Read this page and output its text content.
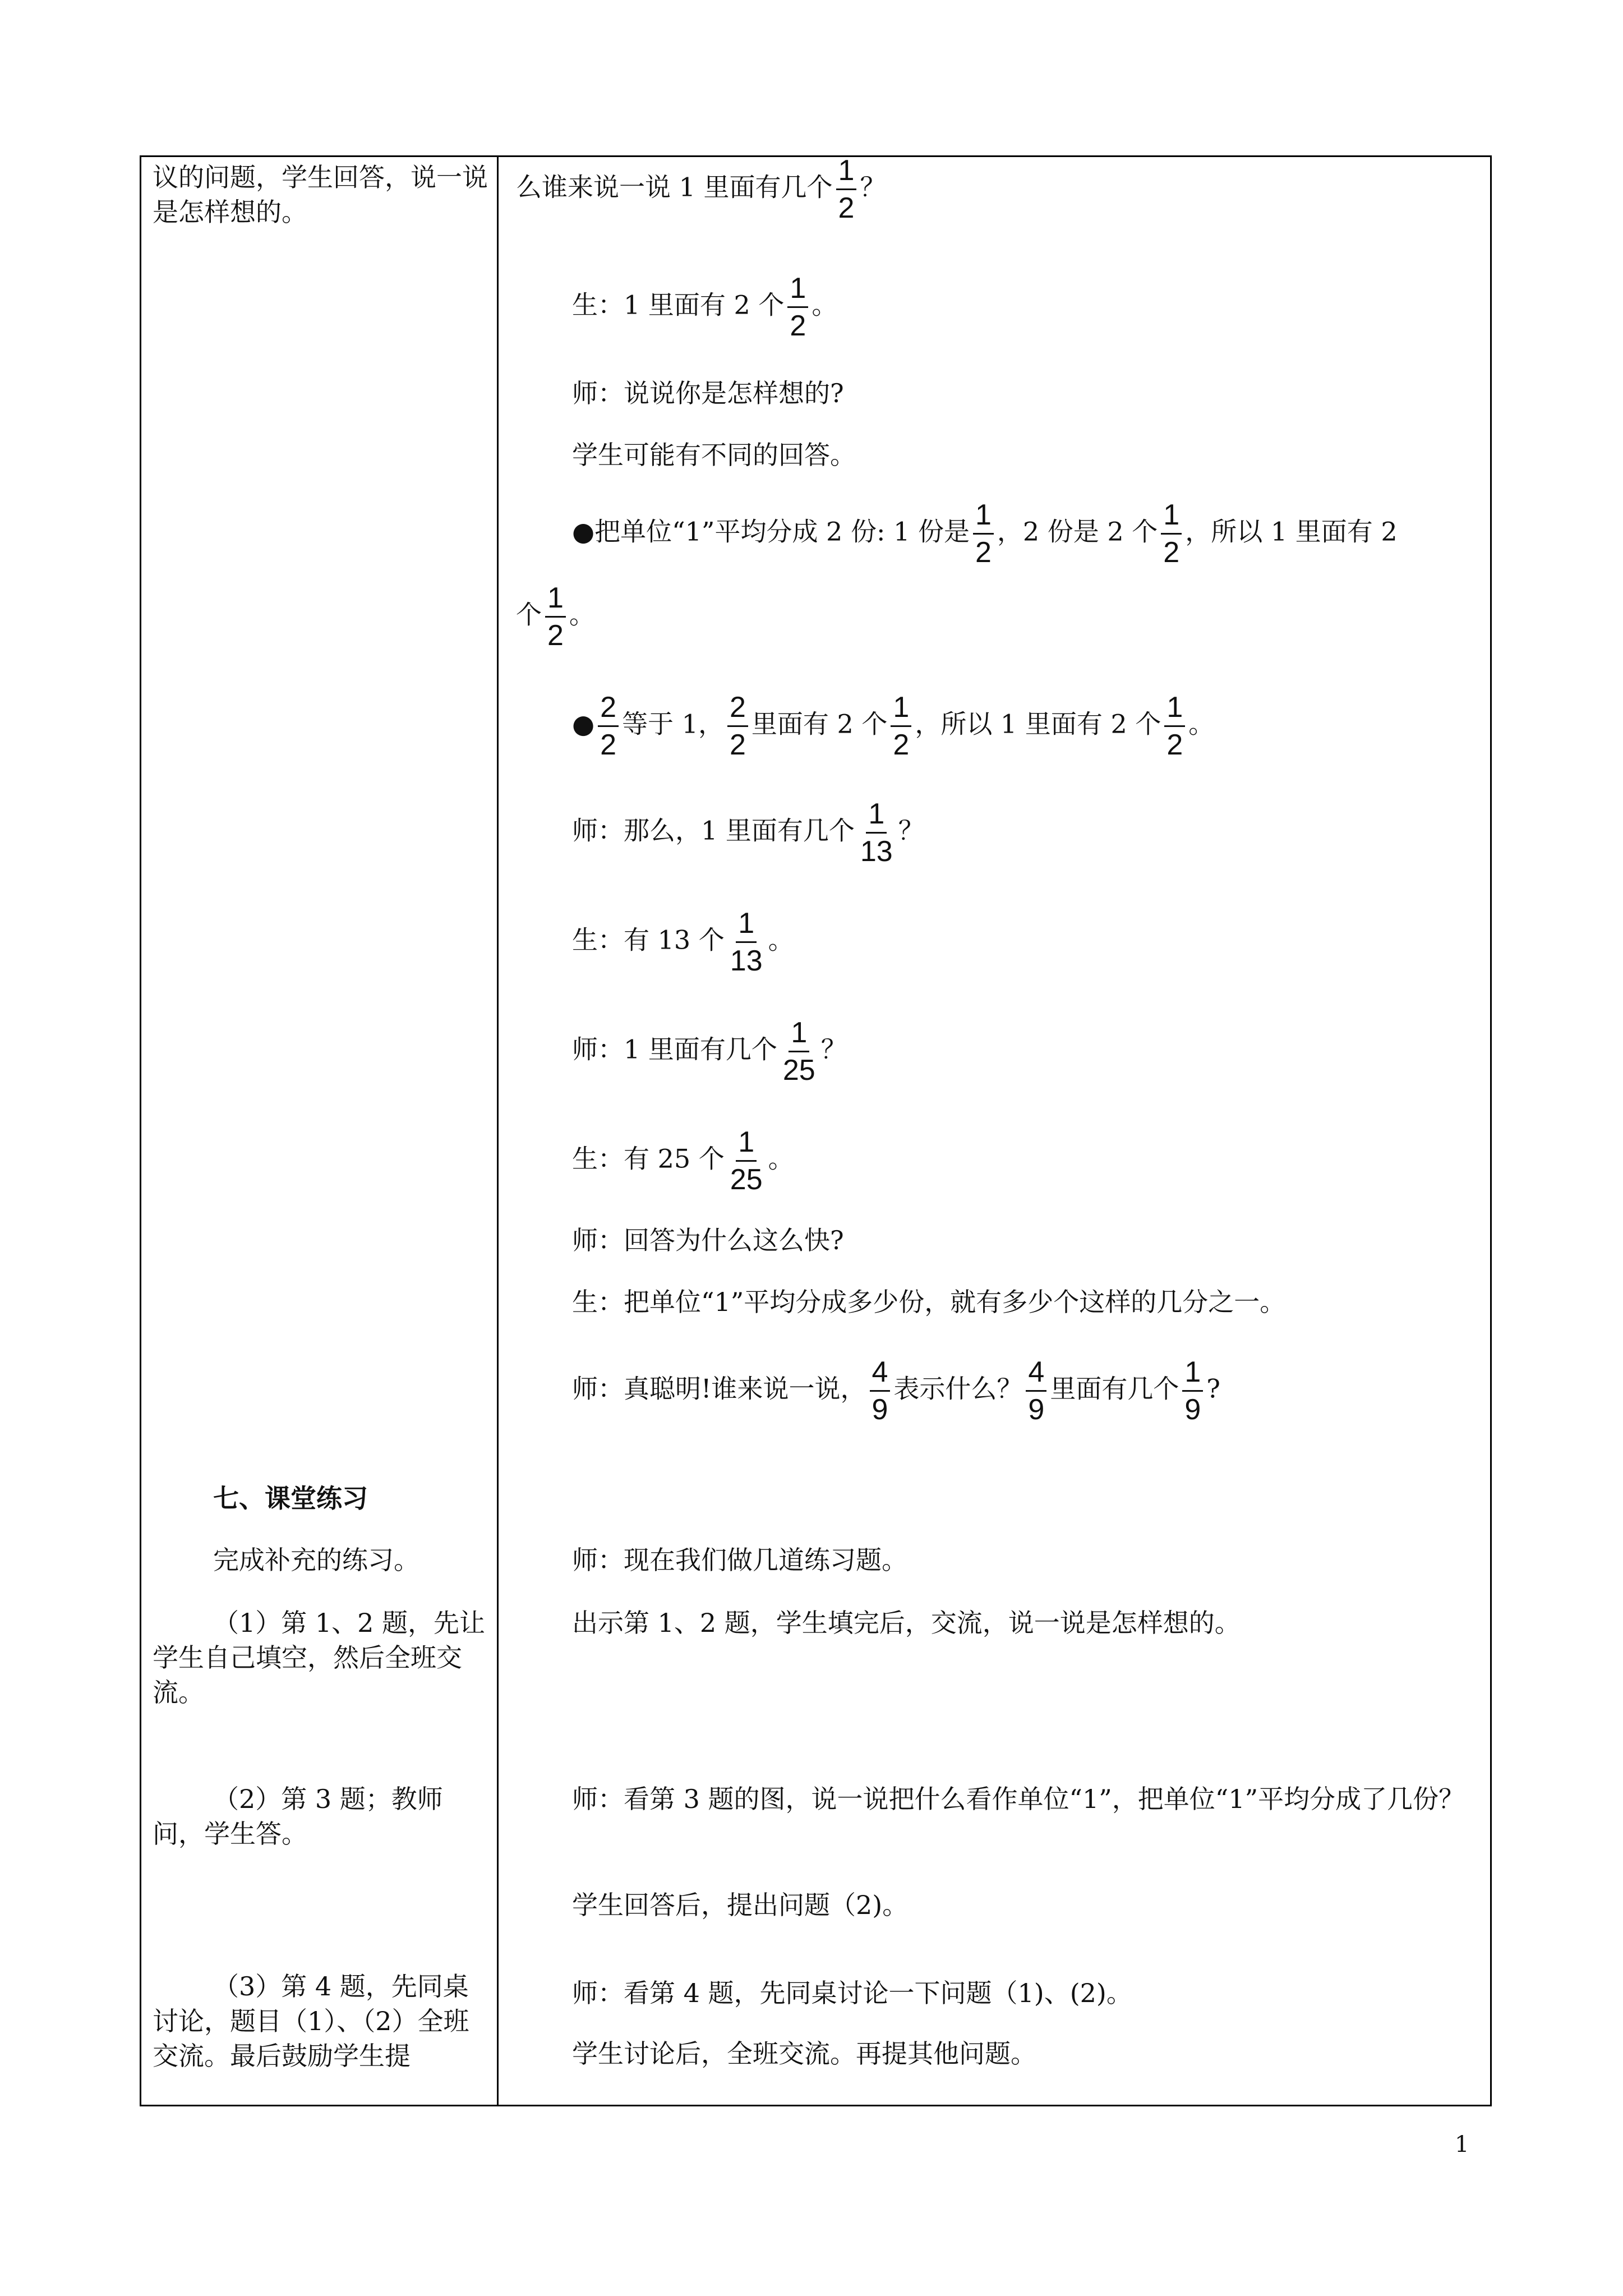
议的问题，学生回答，说一说是怎样想的。
七、课堂练习
完成补充的练习。
（1）第 1、2 题，先让学生自己填空，然后全班交流。
（2）第 3 题；教师问，学生答。
（3）第 4 题，先同桌讨论，题目（1）、（2）全班交流。最后鼓励学生提
么谁来说一说 1 里面有几个 $\frac{1}{2}$ ？
生：1 里面有 2 个 $\frac{1}{2}$ 。
师：说说你是怎样想的?
学生可能有不同的回答。
●把单位“1”平均分成 2 份: 1 份是 $\frac{1}{2}$ ，2 份是 2 个 $\frac{1}{2}$ ，所以 1 里面有 2
个 $\frac{1}{2}$ 。
● $\frac{2}{2}$ 等于 1， $\frac{2}{2}$ 里面有 2 个 $\frac{1}{2}$ ，所以 1 里面有 2 个 $\frac{1}{2}$ 。
师：那么，1 里面有几个 $\frac{1}{13}$ ？
生：有 13 个 $\frac{1}{13}$ 。
师：1 里面有几个 $\frac{1}{25}$ ？
生：有 25 个 $\frac{1}{25}$ 。
师：回答为什么这么快?
生：把单位“1”平均分成多少份，就有多少个这样的几分之一。
师：真聪明!谁来说一说， $\frac{4}{9}$ 表示什么？ $\frac{4}{9}$ 里面有几个 $\frac{1}{9}$ ?
师：现在我们做几道练习题。
出示第 1、2 题，学生填完后，交流，说一说是怎样想的。
师：看第 3 题的图，说一说把什么看作单位“1”，把单位“1”平均分成了几份？
学生回答后，提出问题（2)。
师：看第 4 题，先同桌讨论一下问题（1)、(2)。
学生讨论后，全班交流。再提其他问题。
1
